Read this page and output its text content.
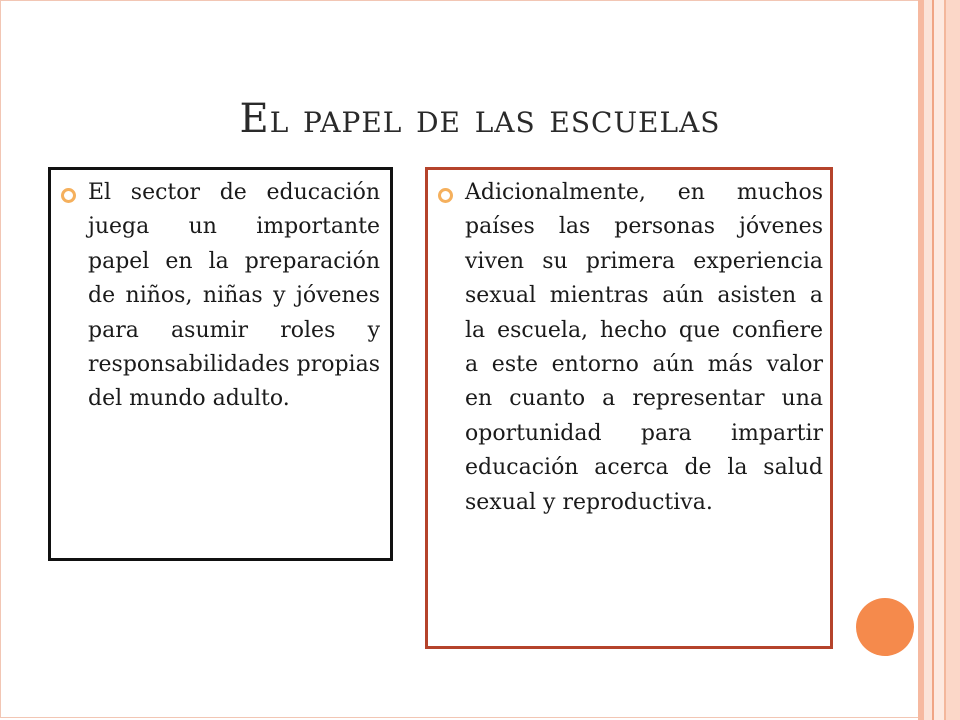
El papel de las escuelas

El sector de educación juega un importante papel en la preparación de niños, niñas y jóvenes para asumir roles y responsabilidades propias del mundo adulto.

Adicionalmente, en muchos países las personas jóvenes viven su primera experiencia sexual mientras aún asisten a la escuela, hecho que confiere a este entorno aún más valor en cuanto a representar una oportunidad para impartir educación acerca de la salud sexual y reproductiva.
